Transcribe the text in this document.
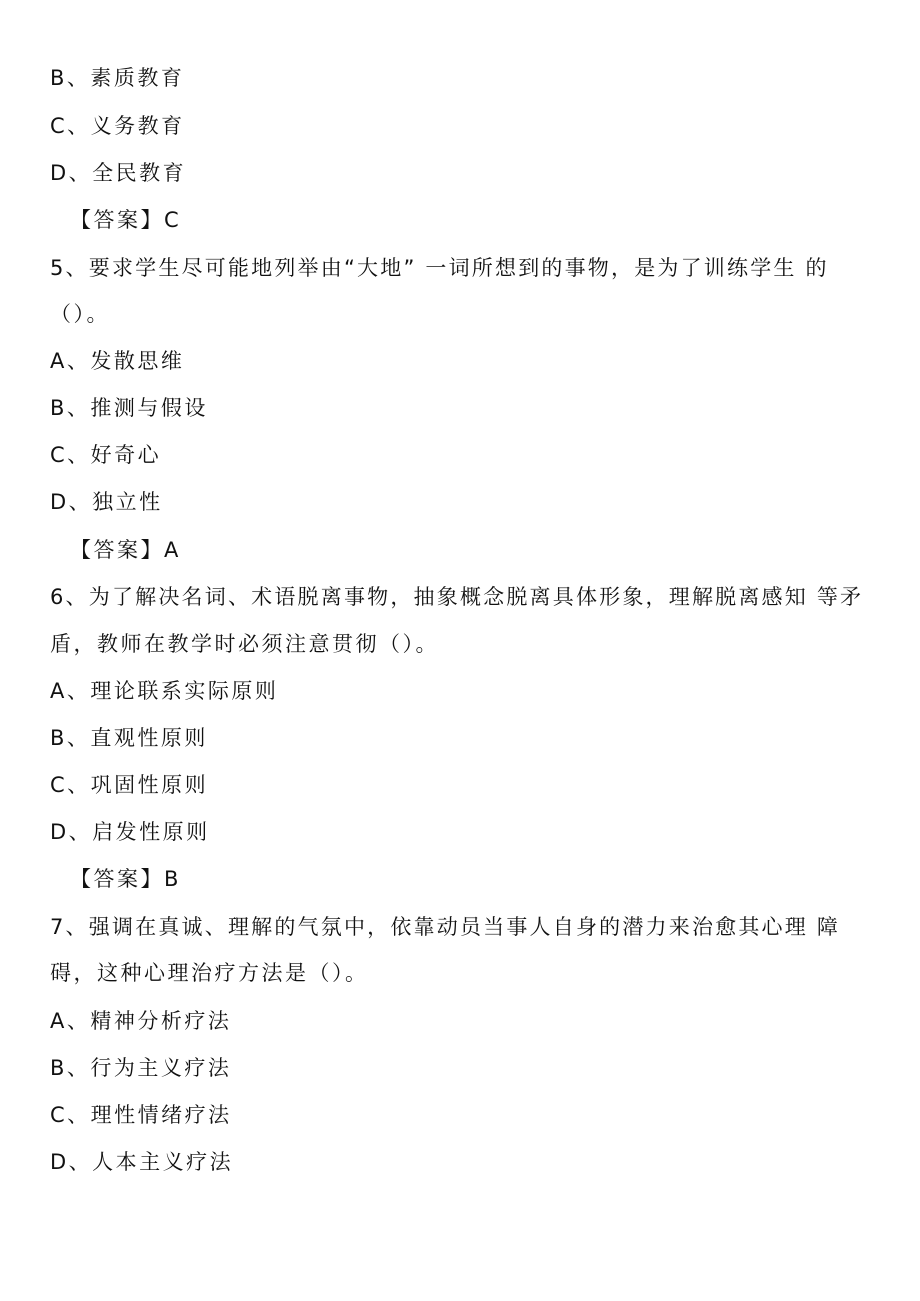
B、素质教育
C、义务教育
D、全民教育
【答案】C
5、要求学生尽可能地列举由“大地” 一词所想到的事物，是为了训练学生 的
（）。
A、发散思维
B、推测与假设
C、好奇心
D、独立性
【答案】A
6、为了解决名词、术语脱离事物，抽象概念脱离具体形象，理解脱离感知 等矛
盾，教师在教学时必须注意贯彻（）。
A、理论联系实际原则
B、直观性原则
C、巩固性原则
D、启发性原则
【答案】B
7、强调在真诚、理解的气氛中，依靠动员当事人自身的潜力来治愈其心理 障
碍，这种心理治疗方法是（）。
A、精神分析疗法
B、行为主义疗法
C、理性情绪疗法
D、人本主义疗法
